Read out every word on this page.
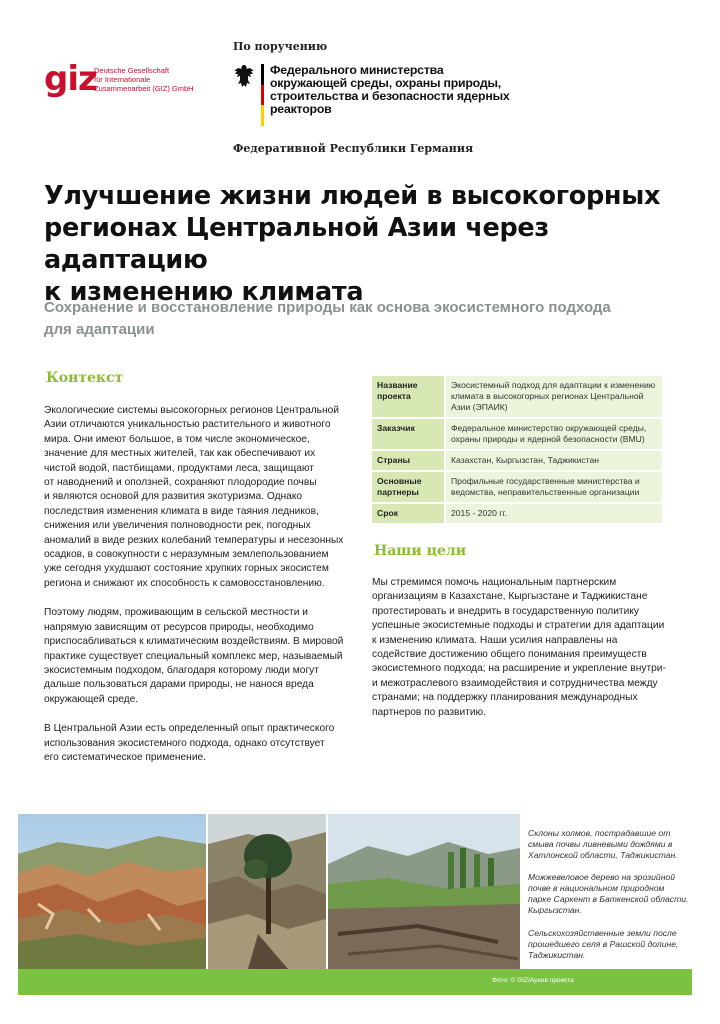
giz
Deutsche Gesellschaft
für Internationale
Zusammenarbeit (GIZ) GmbH
По поручению
Федерального министерства
окружающей среды, охраны природы,
строительства и безопасности ядерных реакторов
Федеративной Республики Германия
Улучшение жизни людей в высокогорных
регионах Центральной Азии через адаптацию
к изменению климата
Сохранение и восстановление природы как основа экосистемного подхода
для адаптации
Контекст

Экологические системы высокогорных регионов Центральной
Азии отличаются уникальностью растительного и животного
мира. Они имеют большое, в том числе экономическое,
значение для местных жителей, так как обеспечивают их
чистой водой, пастбищами, продуктами леса, защищают
от наводнений и оползней, сохраняют плодородие почвы
и являются основой для развития экотуризма. Однако
последствия изменения климата в виде таяния ледников,
снижения или увеличения полноводности рек, погодных
аномалий в виде резких колебаний температуры и несезонных
осадков, в совокупности с неразумным землепользованием
уже сегодня ухудшают состояние хрупких горных экосистем
региона и снижают их способность к самовосстановлению.

Поэтому людям, проживающим в сельской местности и
напрямую зависящим от ресурсов природы, необходимо
приспосабливаться к климатическим воздействиям. В мировой
практике существует специальный комплекс мер, называемый
экосистемным подходом, благодаря которому люди могут
дальше пользоваться дарами природы, не нанося вреда
окружающей среде.

В Центральной Азии есть определенный опыт практического
использования экосистемного подхода, однако отсутствует
его систематическое применение.

Название
проекта	Экосистемный подход для адаптации к изменению
климата в высокогорных регионах Центральной
Азии (ЭПАИК)
Заказчик	Федеральное министерство окружающей среды,
охраны природы и ядерной безопасности (BMU)
Страны	Казахстан, Кыргызстан, Таджикистан
Основные
партнеры	Профильные государственные министерства и
ведомства, неправительственные организации
Срок	2015 - 2020 гг.
Наши цели
Мы стремимся помочь национальным партнерским
организациям в Казахстане, Кыргызстане и Таджикистане
протестировать и внедрить в государственную политику
успешные экосистемные подходы и стратегии для адаптации
к изменению климата. Наши усилия направлены на
содействие достижению общего понимания преимуществ
экосистемного подхода; на расширение и укрепление внутри-
и межотраслевого взаимодействия и сотрудничества между
странами; на поддержку планирования международных
партнеров по развитию.
Склоны холмов, пострадавшие от
смыва почвы ливневыми дождями в
Хатлонской области, Таджикистан.
Можжевеловое дерево на эрозийной
почве в национальном природном
парке Саркент в Баткенской области,
Кыргызстан.
Сельскохозяйственные земли после
прошедшего селя в Рашской долине,
Таджикистан.
Фото: © GIZ/Архив проекта
